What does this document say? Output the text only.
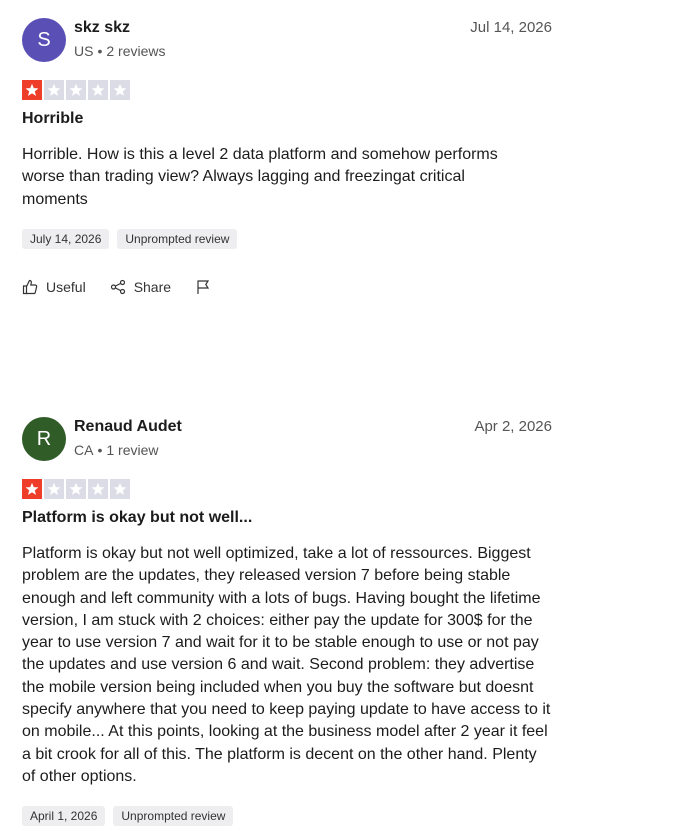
S
skz skz
US • 2 reviews
Jul 14, 2026
Horrible
Horrible. How is this a level 2 data platform and somehow performs worse than trading view? Always lagging and freezingat critical moments
July 14, 2026	Unprompted review
Useful	Share
R
Renaud Audet
CA • 1 review
Apr 2, 2026
Platform is okay but not well...
Platform is okay but not well optimized, take a lot of ressources. Biggest problem are the updates, they released version 7 before being stable enough and left community with a lots of bugs. Having bought the lifetime version, I am stuck with 2 choices: either pay the update for 300$ for the year to use version 7 and wait for it to be stable enough to use or not pay the updates and use version 6 and wait. Second problem: they advertise the mobile version being included when you buy the software but doesnt specify anywhere that you need to keep paying update to have access to it on mobile... At this points, looking at the business model after 2 year it feel a bit crook for all of this. The platform is decent on the other hand. Plenty of other options.
April 1, 2026	Unprompted review
